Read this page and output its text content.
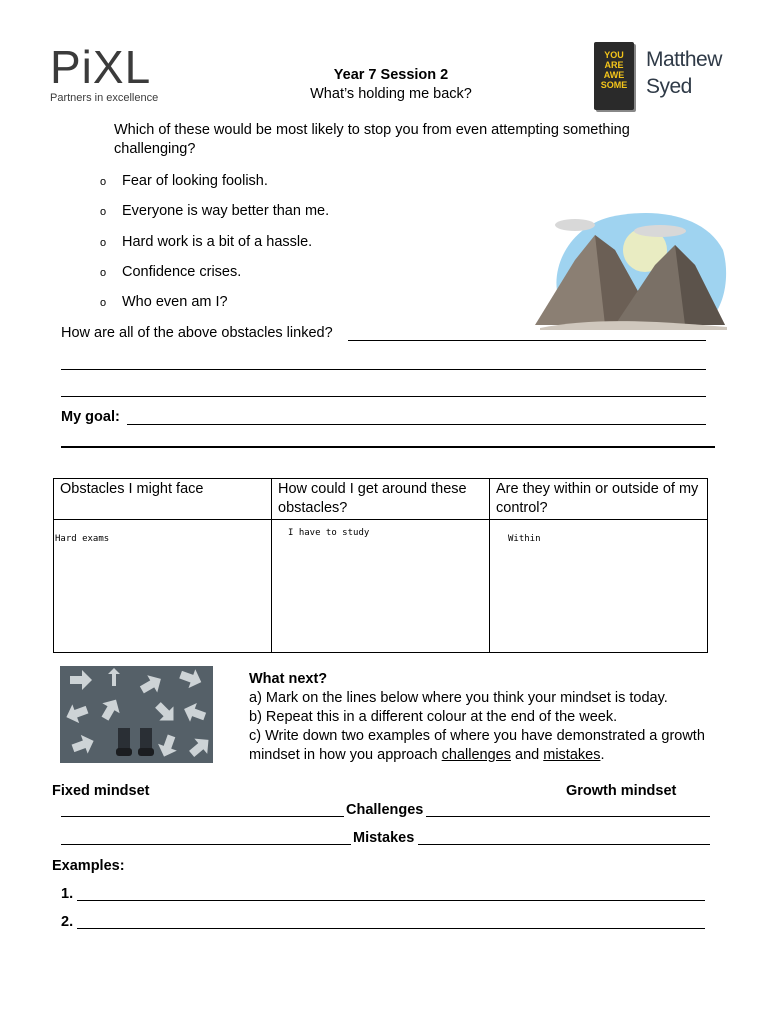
PiXL
Partners in excellence
YOU ARE AWE SOME
Matthew Syed
Year 7 Session 2
What’s holding me back?
Which of these would be most likely to stop you from even attempting something challenging?
o Fear of looking foolish.
o Everyone is way better than me.
o Hard work is a bit of a hassle.
o Confidence crises.
o Who even am I?
How are all of the above obstacles linked?
My goal:
Obstacles I might face	How could I get around these obstacles?	Are they within or outside of my control?

Hard exams	I have to study	Within
What next?
a) Mark on the lines below where you think your mindset is today.
b) Repeat this in a different colour at the end of the week.
c) Write down two examples of where you have demonstrated a growth mindset in how you approach challenges and mistakes.
Fixed mindset	Growth mindset
Challenges
Mistakes
Examples:
1.
2.
